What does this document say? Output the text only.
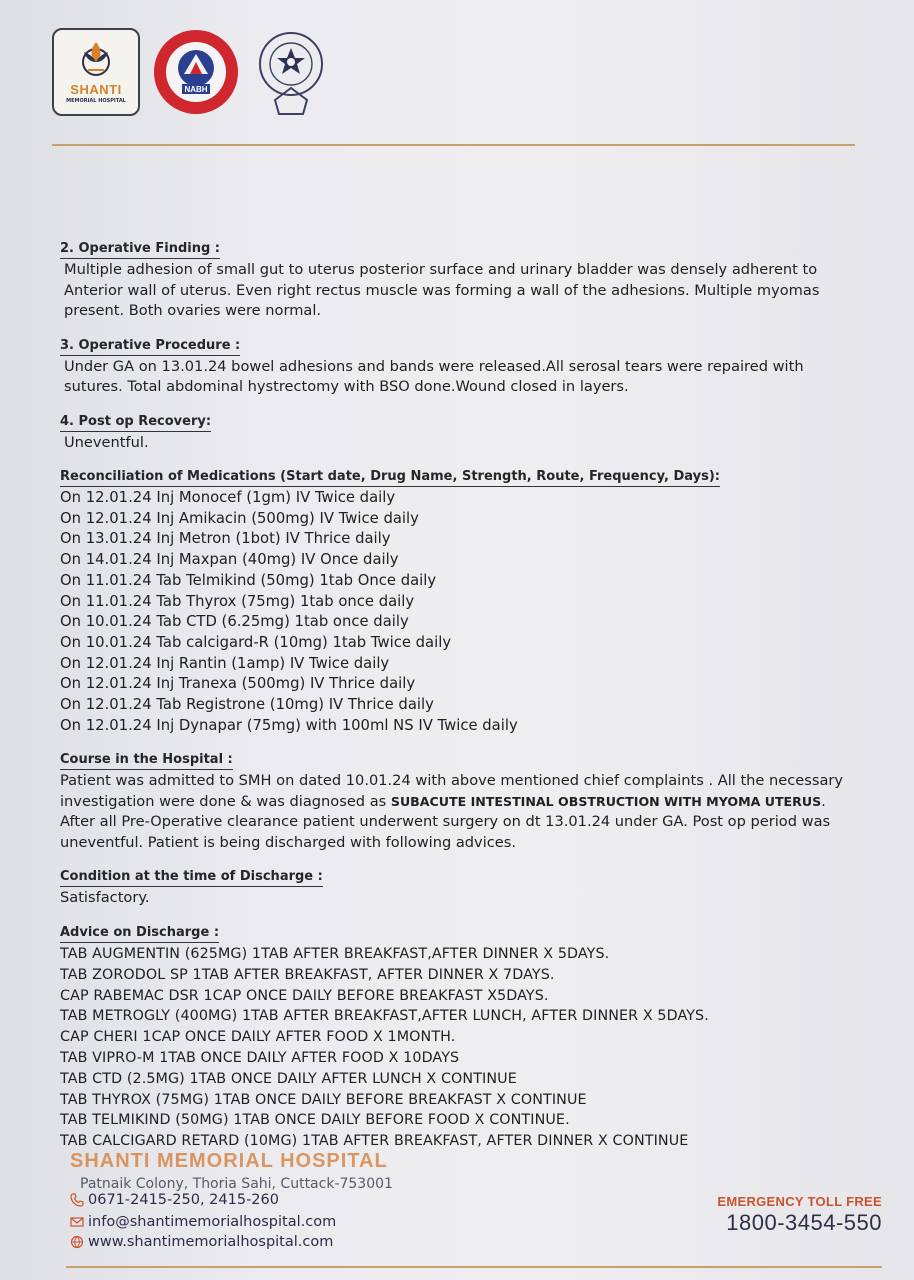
SHANTI
MEMORIAL HOSPITAL
NABH
2. Operative Finding :
Multiple adhesion of small gut to uterus posterior surface and urinary bladder was densely adherent to Anterior wall of uterus. Even right rectus muscle was forming a wall of the adhesions. Multiple myomas present. Both ovaries were normal.
3. Operative Procedure :
Under GA on 13.01.24 bowel adhesions and bands were released.All serosal tears were repaired with sutures. Total abdominal hystrectomy with BSO done.Wound closed in layers.
4. Post op Recovery:
Uneventful.
Reconciliation of Medications (Start date, Drug Name, Strength, Route, Frequency, Days):
On 12.01.24 Inj Monocef (1gm) IV Twice daily
On 12.01.24 Inj Amikacin (500mg) IV Twice daily
On 13.01.24 Inj Metron (1bot) IV Thrice daily
On 14.01.24 Inj Maxpan (40mg) IV Once daily
On 11.01.24 Tab Telmikind (50mg) 1tab Once daily
On 11.01.24 Tab Thyrox (75mg) 1tab once daily
On 10.01.24 Tab CTD (6.25mg) 1tab once daily
On 10.01.24 Tab calcigard-R (10mg) 1tab Twice daily
On 12.01.24 Inj Rantin (1amp) IV Twice daily
On 12.01.24 Inj Tranexa (500mg) IV Thrice daily
On 12.01.24 Tab Registrone (10mg) IV Thrice daily
On 12.01.24 Inj Dynapar (75mg) with 100ml NS IV Twice daily
Course in the Hospital :
Patient was admitted to SMH on dated 10.01.24 with above mentioned chief complaints . All the necessary investigation were done & was diagnosed as SUBACUTE INTESTINAL OBSTRUCTION WITH MYOMA UTERUS. After all Pre-Operative clearance patient underwent surgery on dt 13.01.24 under GA. Post op period was uneventful. Patient is being discharged with following advices.
Condition at the time of Discharge :
Satisfactory.
Advice on Discharge :
TAB AUGMENTIN (625MG) 1TAB AFTER BREAKFAST,AFTER DINNER X 5DAYS.
TAB ZORODOL SP 1TAB AFTER BREAKFAST, AFTER DINNER X 7DAYS.
CAP RABEMAC DSR 1CAP ONCE DAILY BEFORE BREAKFAST X5DAYS.
TAB METROGLY (400MG) 1TAB AFTER BREAKFAST,AFTER LUNCH, AFTER DINNER X 5DAYS.
CAP CHERI 1CAP ONCE DAILY AFTER FOOD X 1MONTH.
TAB VIPRO-M 1TAB ONCE DAILY AFTER FOOD X 10DAYS
TAB CTD (2.5MG) 1TAB ONCE DAILY AFTER LUNCH X CONTINUE
TAB THYROX (75MG) 1TAB ONCE DAILY BEFORE BREAKFAST X CONTINUE
TAB TELMIKIND (50MG) 1TAB ONCE DAILY BEFORE FOOD X CONTINUE.
TAB CALCIGARD RETARD (10MG) 1TAB AFTER BREAKFAST, AFTER DINNER X CONTINUE
SHANTI MEMORIAL HOSPITAL
Patnaik Colony, Thoria Sahi, Cuttack-753001
0671-2415-250, 2415-260
info@shantimemorialhospital.com
www.shantimemorialhospital.com
EMERGENCY TOLL FREE
1800-3454-550
